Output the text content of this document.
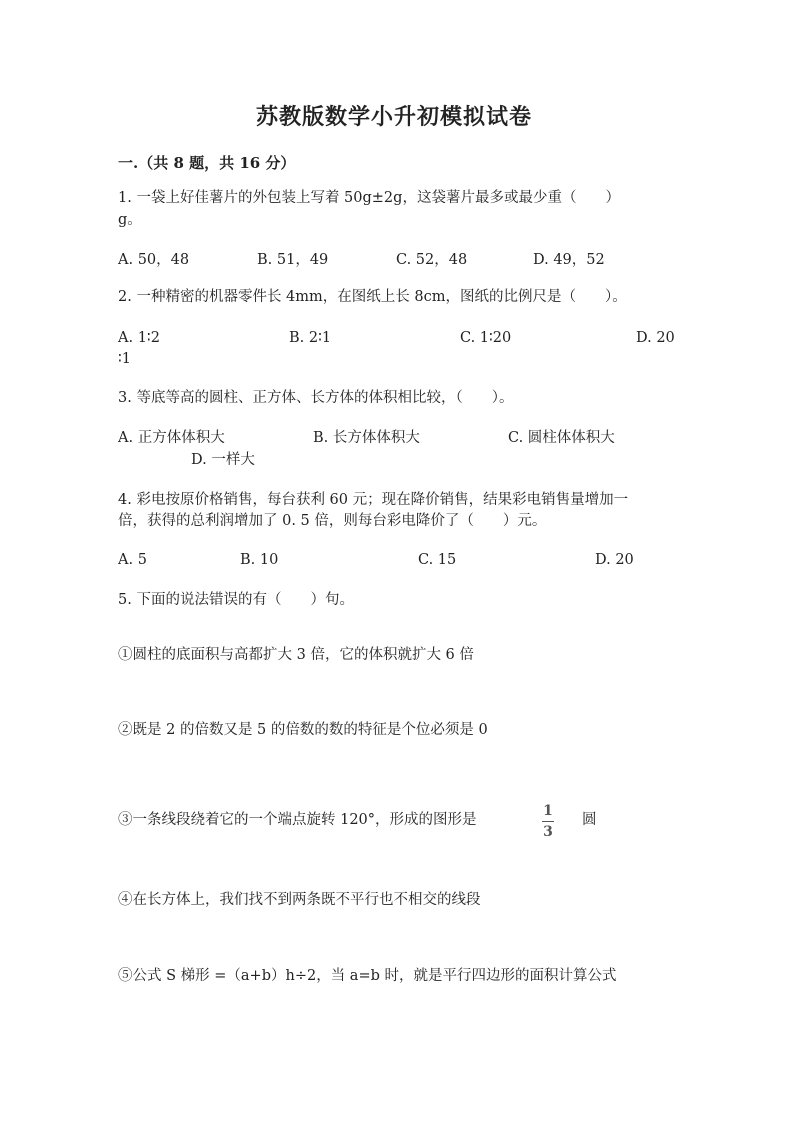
苏教版数学小升初模拟试卷
一.（共 8 题，共 16 分）
1. 一袋上好佳薯片的外包装上写着 50g±2g，这袋薯片最多或最少重（　　）
g。
A. 50，48	B. 51，49	C. 52，48	D. 49，52
2. 一种精密的机器零件长 4mm，在图纸上长 8cm，图纸的比例尺是（　　）。
A. 1∶2	B. 2∶1	C. 1∶20	D. 20
∶1
3. 等底等高的圆柱、正方体、长方体的体积相比较，（　　）。
A. 正方体体积大	B. 长方体体积大	C. 圆柱体体积大
D. 一样大
4. 彩电按原价格销售，每台获利 60 元；现在降价销售，结果彩电销售量增加一
倍，获得的总利润增加了 0. 5 倍，则每台彩电降价了（　　）元。
A. 5	B. 10	C. 15	D. 20
5. 下面的说法错误的有（　　）句。
①圆柱的底面积与高都扩大 3 倍，它的体积就扩大 6 倍
②既是 2 的倍数又是 5 的倍数的数的特征是个位必须是 0
③一条线段绕着它的一个端点旋转 120°，形成的图形是
1
3
圆
④在长方体上，我们找不到两条既不平行也不相交的线段
⑤公式 S 梯形 =（a+b）h÷2，当 a=b 时，就是平行四边形的面积计算公式
